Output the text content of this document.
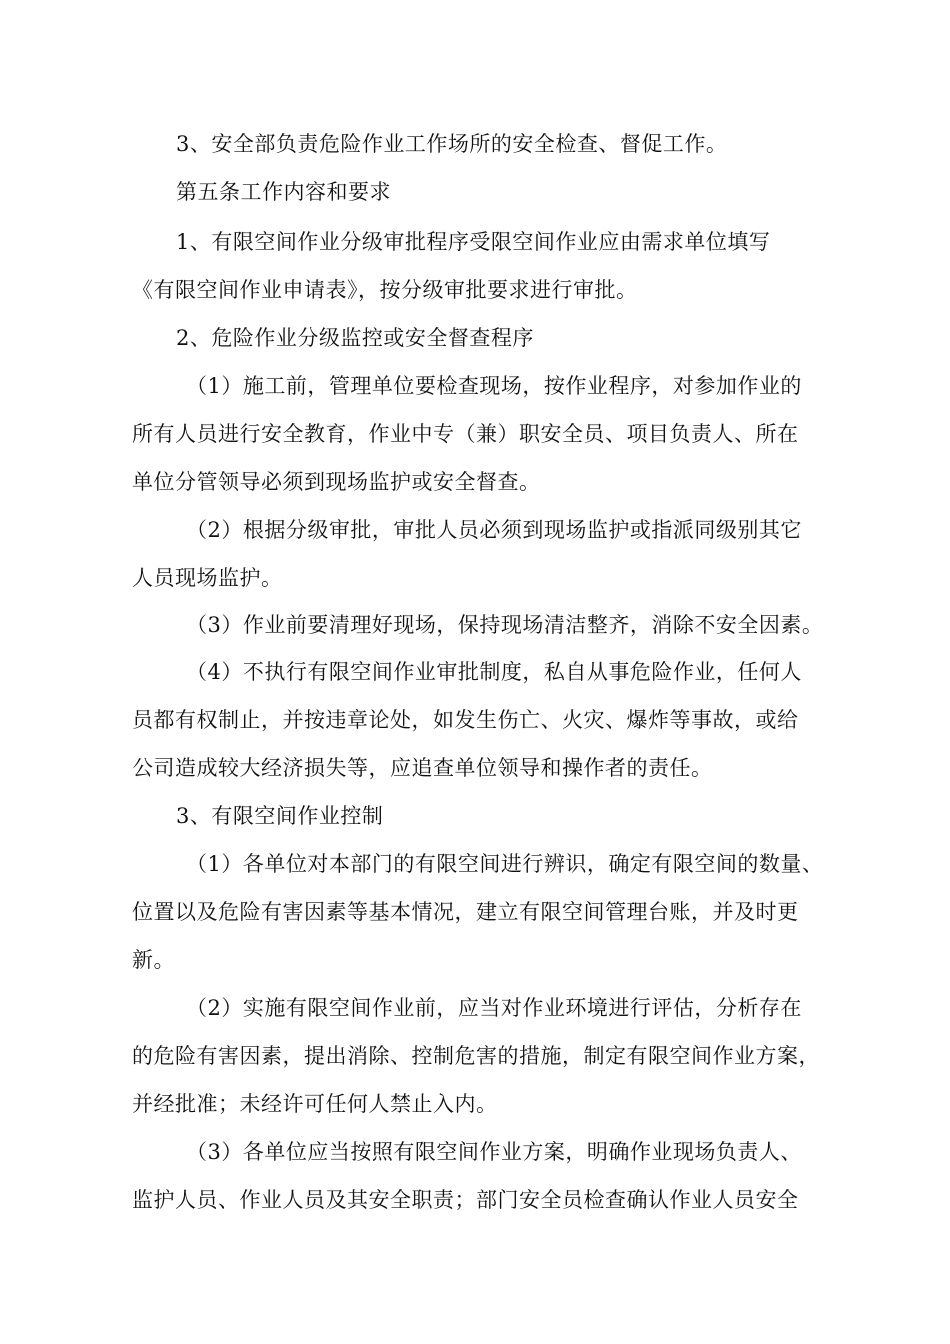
3、安全部负责危险作业工作场所的安全检查、督促工作。
第五条工作内容和要求
1、有限空间作业分级审批程序受限空间作业应由需求单位填写
《有限空间作业申请表》，按分级审批要求进行审批。
2、危险作业分级监控或安全督查程序
（1）施工前，管理单位要检查现场，按作业程序，对参加作业的
所有人员进行安全教育，作业中专（兼）职安全员、项目负责人、所在
单位分管领导必须到现场监护或安全督查。
（2）根据分级审批，审批人员必须到现场监护或指派同级别其它
人员现场监护。
（3）作业前要清理好现场，保持现场清洁整齐，消除不安全因素。
（4）不执行有限空间作业审批制度，私自从事危险作业，任何人
员都有权制止，并按违章论处，如发生伤亡、火灾、爆炸等事故，或给
公司造成较大经济损失等，应追查单位领导和操作者的责任。
3、有限空间作业控制
（1）各单位对本部门的有限空间进行辨识，确定有限空间的数量、
位置以及危险有害因素等基本情况，建立有限空间管理台账，并及时更
新。
（2）实施有限空间作业前，应当对作业环境进行评估，分析存在
的危险有害因素，提出消除、控制危害的措施，制定有限空间作业方案，
并经批准；未经许可任何人禁止入内。
（3）各单位应当按照有限空间作业方案，明确作业现场负责人、
监护人员、作业人员及其安全职责；部门安全员检查确认作业人员安全
